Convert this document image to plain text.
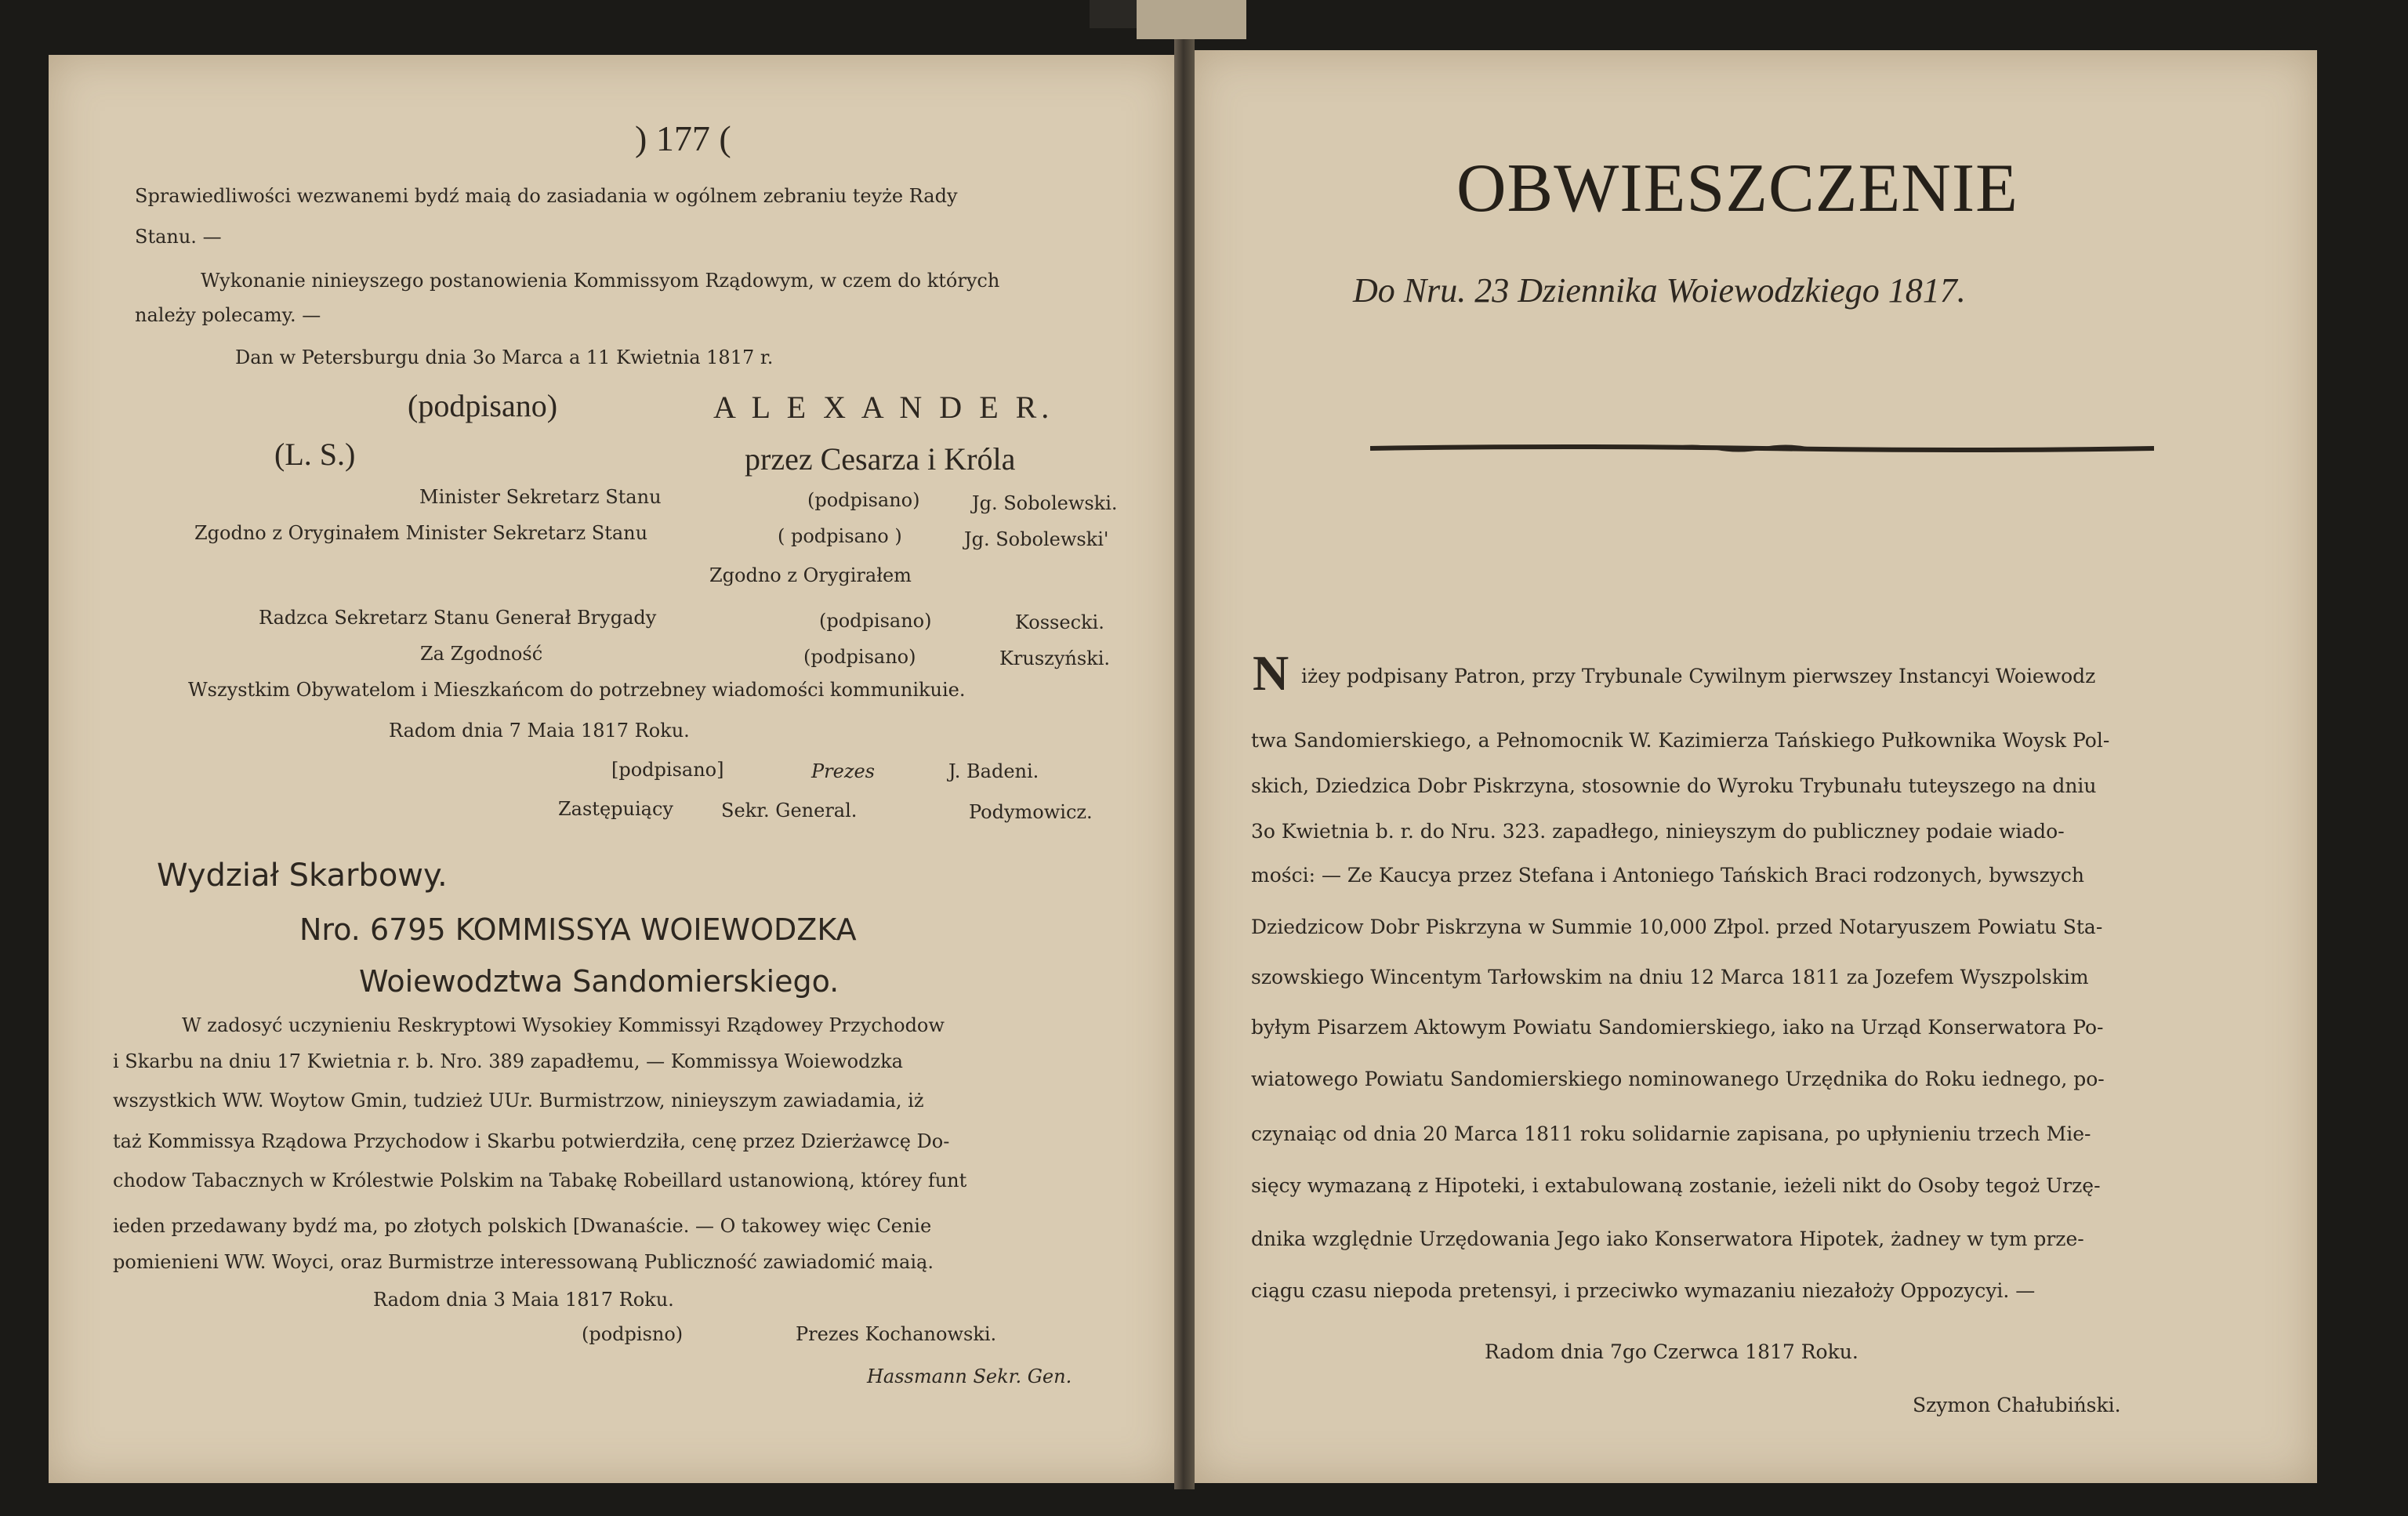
) 177 (
Sprawiedliwości wezwanemi bydź maią do zasiadania w ogólnem zebraniu teyże Rady
Stanu. —
Wykonanie ninieyszego postanowienia Kommissyom Rządowym, w czem do których
należy polecamy. —
Dan w Petersburgu dnia 3o Marca a 11 Kwietnia 1817 r.
(podpisano)	A L E X A N D E R.
(L. S.)	przez Cesarza i Króla
Minister Sekretarz Stanu	(podpisano)	Jg. Sobolewski.
Zgodno z Oryginałem Minister Sekretarz Stanu	( podpisano )	Jg. Sobolewski'
Zgodno z Orygirałem
Radzca Sekretarz Stanu Generał Brygady	(podpisano)	Kossecki.
Za Zgodność	(podpisano)	Kruszyński.
Wszystkim Obywatelom i Mieszkańcom do potrzebney wiadomości kommunikuie.
Radom dnia 7 Maia 1817 Roku.
[podpisano]	Prezes	J. Badeni.
Zastępuiący	Sekr. General.	Podymowicz.
Wydział Skarbowy.
Nro. 6795 KOMMISSYA WOIEWODZKA
Woiewodztwa Sandomierskiego.
W zadosyć uczynieniu Reskryptowi Wysokiey Kommissyi Rządowey Przychodow
i Skarbu na dniu 17 Kwietnia r. b. Nro. 389 zapadłemu, — Kommissya Woiewodzka
wszystkich WW. Woytow Gmin, tudzież UUr. Burmistrzow, ninieyszym zawiadamia, iż
taż Kommissya Rządowa Przychodow i Skarbu potwierdziła, cenę przez Dzierżawcę Do-
chodow Tabacznych w Królestwie Polskim na Tabakę Robeillard ustanowioną, którey funt
ieden przedawany bydź ma, po złotych polskich [Dwanaście. — O takowey więc Cenie
pomienieni WW. Woyci, oraz Burmistrze interessowaną Publiczność zawiadomić maią.
Radom dnia 3 Maia 1817 Roku.
(podpisno)	Prezes Kochanowski.
Hassmann Sekr. Gen.

OBWIESZCZENIE
Do Nru. 23 Dziennika Woiewodzkiego 1817.
N iżey podpisany Patron, przy Trybunale Cywilnym pierwszey Instancyi Woiewodz
twa Sandomierskiego, a Pełnomocnik W. Kazimierza Tańskiego Pułkownika Woysk Pol-
skich, Dziedzica Dobr Piskrzyna, stosownie do Wyroku Trybunału tuteyszego na dniu
3o Kwietnia b. r. do Nru. 323. zapadłego, ninieyszym do publiczney podaie wiado-
mości: — Ze Kaucya przez Stefana i Antoniego Tańskich Braci rodzonych, bywszych
Dziedzicow Dobr Piskrzyna w Summie 10,000 Złpol. przed Notaryuszem Powiatu Sta-
szowskiego Wincentym Tarłowskim na dniu 12 Marca 1811 za Jozefem Wyszpolskim
byłym Pisarzem Aktowym Powiatu Sandomierskiego, iako na Urząd Konserwatora Po-
wiatowego Powiatu Sandomierskiego nominowanego Urzędnika do Roku iednego, po-
czynaiąc od dnia 20 Marca 1811 roku solidarnie zapisana, po upłynieniu trzech Mie-
sięcy wymazaną z Hipoteki, i extabulowaną zostanie, ieżeli nikt do Osoby tegoż Urzę-
dnika względnie Urzędowania Jego iako Konserwatora Hipotek, żadney w tym prze-
ciągu czasu niepoda pretensyi, i przeciwko wymazaniu niezałoży Oppozycyi. —
Radom dnia 7go Czerwca 1817 Roku.
Szymon Chałubiński.
